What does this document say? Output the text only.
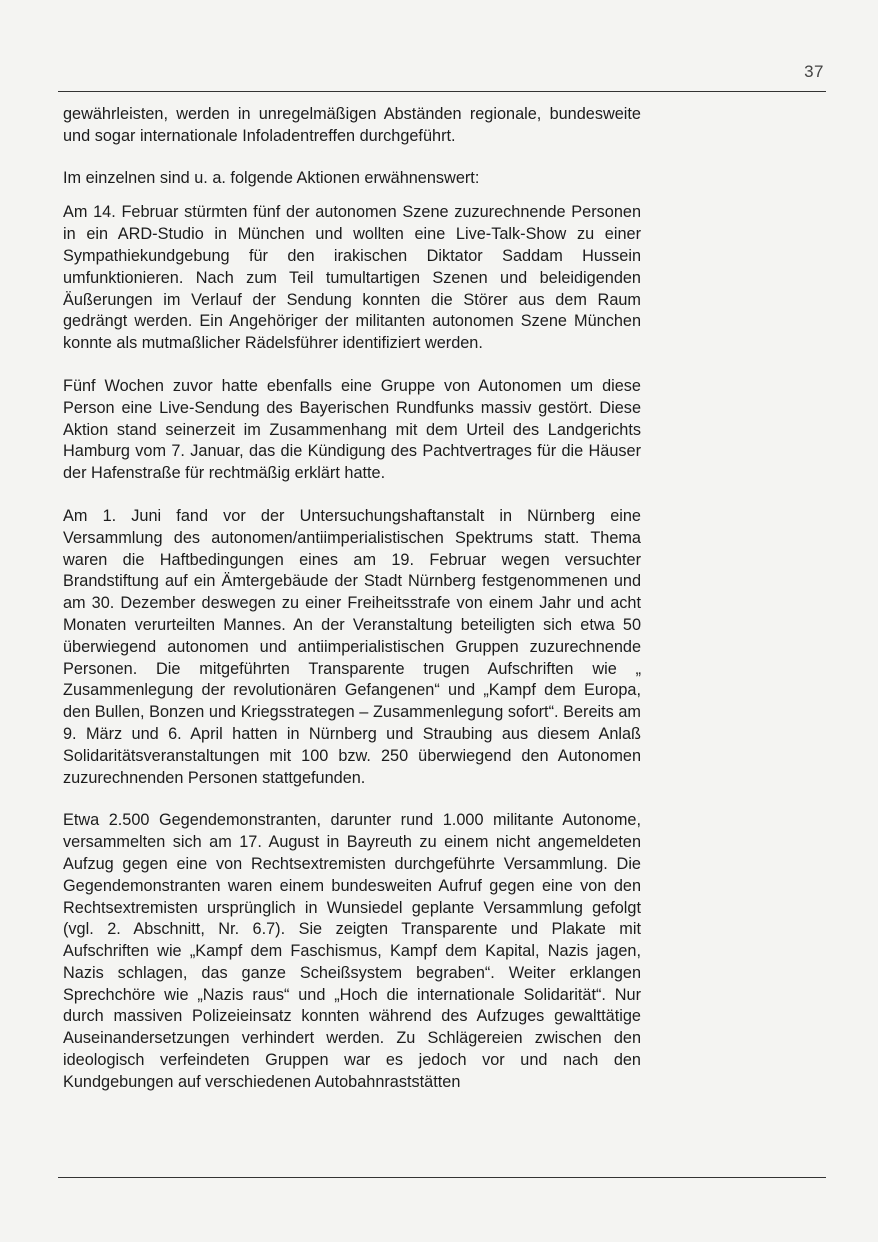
37

gewährleisten, werden in unregelmäßigen Abständen regionale, bundesweite und sogar internationale Infoladentreffen durchgeführt.

Im einzelnen sind u. a. folgende Aktionen erwähnenswert:

Am 14. Februar stürmten fünf der autonomen Szene zuzurechnende Personen in ein ARD-Studio in München und wollten eine Live-Talk-Show zu einer Sympathiekundgebung für den irakischen Diktator Saddam Hussein umfunktionieren. Nach zum Teil tumultartigen Szenen und beleidigenden Äußerungen im Verlauf der Sendung konnten die Störer aus dem Raum gedrängt werden. Ein Angehöriger der militanten autonomen Szene München konnte als mutmaßlicher Rädelsführer identifiziert werden.

Fünf Wochen zuvor hatte ebenfalls eine Gruppe von Autonomen um diese Person eine Live-Sendung des Bayerischen Rundfunks massiv gestört. Diese Aktion stand seinerzeit im Zusammenhang mit dem Urteil des Landgerichts Hamburg vom 7. Januar, das die Kündigung des Pachtvertrages für die Häuser der Hafenstraße für rechtmäßig erklärt hatte.

Am 1. Juni fand vor der Untersuchungshaftanstalt in Nürnberg eine Versammlung des autonomen/antiimperialistischen Spektrums statt. Thema waren die Haftbedingungen eines am 19. Februar wegen versuchter Brandstiftung auf ein Ämtergebäude der Stadt Nürnberg festgenommenen und am 30. Dezember deswegen zu einer Freiheitsstrafe von einem Jahr und acht Monaten verurteilten Mannes. An der Veranstaltung beteiligten sich etwa 50 überwiegend autonomen und antiimperialistischen Gruppen zuzurechnende Personen. Die mitgeführten Transparente trugen Aufschriften wie „ Zusammenlegung der revolutionären Gefangenen“ und „Kampf dem Europa, den Bullen, Bonzen und Kriegsstrategen – Zusammenlegung sofort“. Bereits am 9. März und 6. April hatten in Nürnberg und Straubing aus diesem Anlaß Solidaritätsveranstaltungen mit 100 bzw. 250 überwiegend den Autonomen zuzurechnenden Personen stattgefunden.

Etwa 2.500 Gegendemonstranten, darunter rund 1.000 militante Autonome, versammelten sich am 17. August in Bayreuth zu einem nicht angemeldeten Aufzug gegen eine von Rechtsextremisten durchgeführte Versammlung. Die Gegendemonstranten waren einem bundesweiten Aufruf gegen eine von den Rechtsextremisten ursprünglich in Wunsiedel geplante Versammlung gefolgt (vgl. 2. Abschnitt, Nr. 6.7). Sie zeigten Transparente und Plakate mit Aufschriften wie „Kampf dem Faschismus, Kampf dem Kapital, Nazis jagen, Nazis schlagen, das ganze Scheißsystem begraben“. Weiter erklangen Sprechchöre wie „Nazis raus“ und „Hoch die internationale Solidarität“. Nur durch massiven Polizeieinsatz konnten während des Aufzuges gewalttätige Auseinandersetzungen verhindert werden. Zu Schlägereien zwischen den ideologisch verfeindeten Gruppen war es jedoch vor und nach den Kundgebungen auf verschiedenen Autobahnraststätten
